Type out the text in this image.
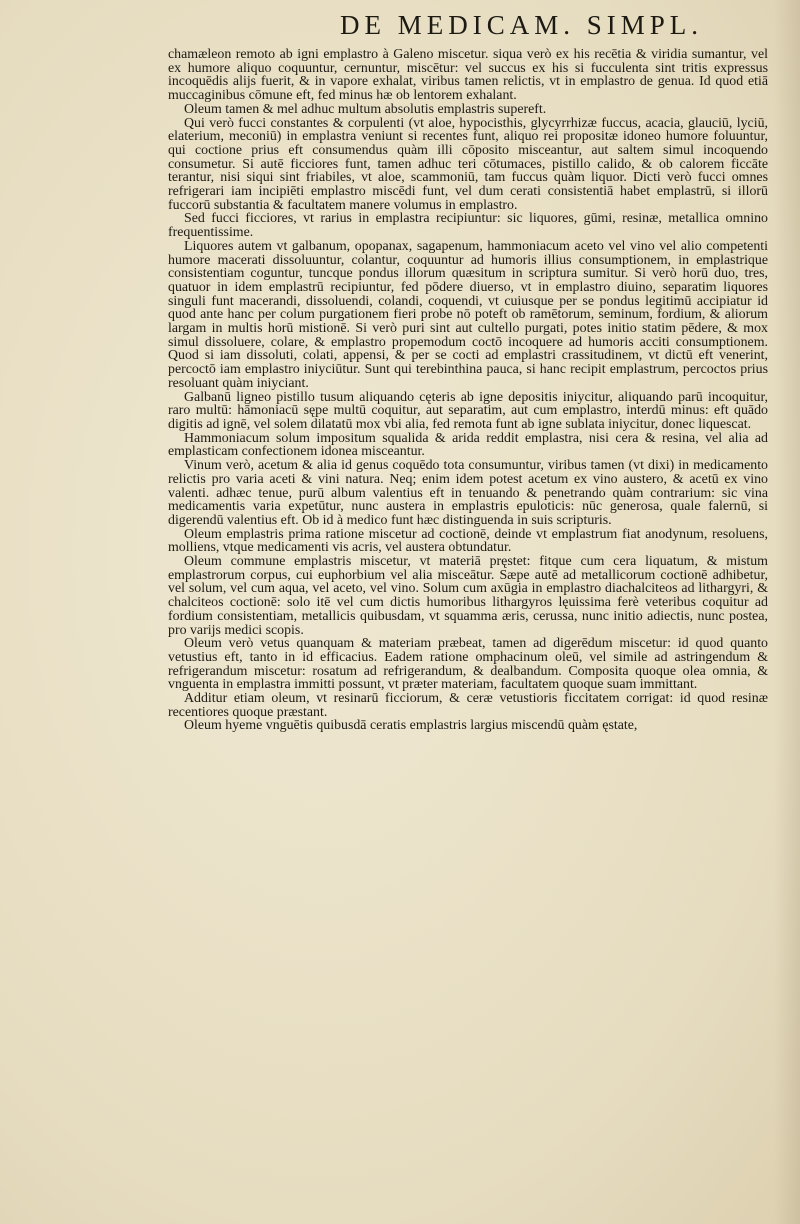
DE MEDICAM. SIMPL.

chamæleon remoto ab igni emplastro à Galeno miscetur. siqua verò ex his recētia & viridia sumantur, vel ex humore aliquo coquuntur, cernuntur, miscētur: vel succus ex his si fucculenta sint tritis expressus incoquēdis alijs fuerit, & in vapore exhalat, viribus tamen relictis, vt in emplastro de genua. Id quod etiā muccaginibus cōmune eft, fed minus hæ ob lentorem exhalant.

Oleum tamen & mel adhuc multum absolutis emplastris supereft.

Qui verò fucci constantes & corpulenti (vt aloe, hypocisthis, glycyrrhizæ fuccus, acacia, glauciū, lyciū, elaterium, meconiū) in emplastra veniunt si recentes funt, aliquo rei propositæ idoneo humore foluuntur, qui coctione prius eft consumendus quàm illi cōposito misceantur, aut saltem simul incoquendo consumetur. Si autē ficciores funt, tamen adhuc teri cōtumaces, pistillo calido, & ob calorem ficcāte terantur, nisi siqui sint friabiles, vt aloe, scammoniū, tam fuccus quàm liquor. Dicti verò fucci omnes refrigerari iam incipiēti emplastro miscēdi funt, vel dum cerati consistentiā habet emplastrū, si illorū fuccorū substantia & facultatem manere volumus in emplastro.

Sed fucci ficciores, vt rarius in emplastra recipiuntur: sic liquores, gūmi, resinæ, metallica omnino frequentissime.

Liquores autem vt galbanum, opopanax, sagapenum, hammoniacum aceto vel vino vel alio competenti humore macerati dissoluuntur, colantur, coquuntur ad humoris illius consumptionem, in emplastrique consistentiam coguntur, tuncque pondus illorum quæsitum in scriptura sumitur. Si verò horū duo, tres, quatuor in idem emplastrū recipiuntur, fed pōdere diuerso, vt in emplastro diuino, separatim liquores singuli funt macerandi, dissoluendi, colandi, coquendi, vt cuiusque per se pondus legitimū accipiatur id quod ante hanc per colum purgationem fieri probe nō poteft ob ramētorum, seminum, fordium, & aliorum largam in multis horū mistionē. Si verò puri sint aut cultello purgati, potes initio statim pēdere, & mox simul dissoluere, colare, & emplastro propemodum coctō incoquere ad humoris acciti consumptionem. Quod si iam dissoluti, colati, appensi, & per se cocti ad emplastri crassitudinem, vt dictū eft venerint, percoctō iam emplastro iniyciūtur. Sunt qui terebinthina pauca, si hanc recipit emplastrum, percoctos prius resoluant quàm iniyciant.

Galbanū ligneo pistillo tusum aliquando cęteris ab igne depositis iniycitur, aliquando parū incoquitur, raro multū: hāmoniacū sępe multū coquitur, aut separatim, aut cum emplastro, interdū minus: eft quādo digitis ad ignē, vel solem dilatatū mox vbi alia, fed remota funt ab igne sublata iniycitur, donec liquescat.

Hammoniacum solum impositum squalida & arida reddit emplastra, nisi cera & resina, vel alia ad emplasticam confectionem idonea misceantur.

Vinum verò, acetum & alia id genus coquēdo tota consumuntur, viribus tamen (vt dixi) in medicamento relictis pro varia aceti & vini natura. Neq; enim idem potest acetum ex vino austero, & acetū ex vino valenti. adhæc tenue, purū album valentius eft in tenuando & penetrando quàm contrarium: sic vina medicamentis varia expetūtur, nunc austera in emplastris epuloticis: nūc generosa, quale falernū, si digerendū valentius eft. Ob id à medico funt hæc distinguenda in suis scripturis.

Oleum emplastris prima ratione miscetur ad coctionē, deinde vt emplastrum fiat anodynum, resoluens, molliens, vtque medicamenti vis acris, vel austera obtundatur.

Oleum commune emplastris miscetur, vt materiā pręstet: fitque cum cera liquatum, & mistum emplastrorum corpus, cui euphorbium vel alia misceātur. Sæpe autē ad metallicorum coctionē adhibetur, vel solum, vel cum aqua, vel aceto, vel vino. Solum cum axūgia in emplastro diachalciteos ad lithargyri, & chalciteos coctionē: solo itē vel cum dictis humoribus lithargyros lęuissima ferè veteribus coquitur ad fordium consistentiam, metallicis quibusdam, vt squamma æris, cerussa, nunc initio adiectis, nunc postea, pro varijs medici scopis.

Oleum verò vetus quanquam & materiam præbeat, tamen ad digerēdum miscetur: id quod quanto vetustius eft, tanto in id efficacius. Eadem ratione omphacinum oleū, vel simile ad astringendum & refrigerandum miscetur: rosatum ad refrigerandum, & dealbandum. Composita quoque olea omnia, & vnguenta in emplastra immitti possunt, vt præter materiam, facultatem quoque suam immittant.

Additur etiam oleum, vt resinarū ficciorum, & ceræ vetustioris ficcitatem corrigat: id quod resinæ recentiores quoque præstant.

Oleum hyeme vnguētis quibusdā ceratis emplastris largius miscendū quàm ęstate,
